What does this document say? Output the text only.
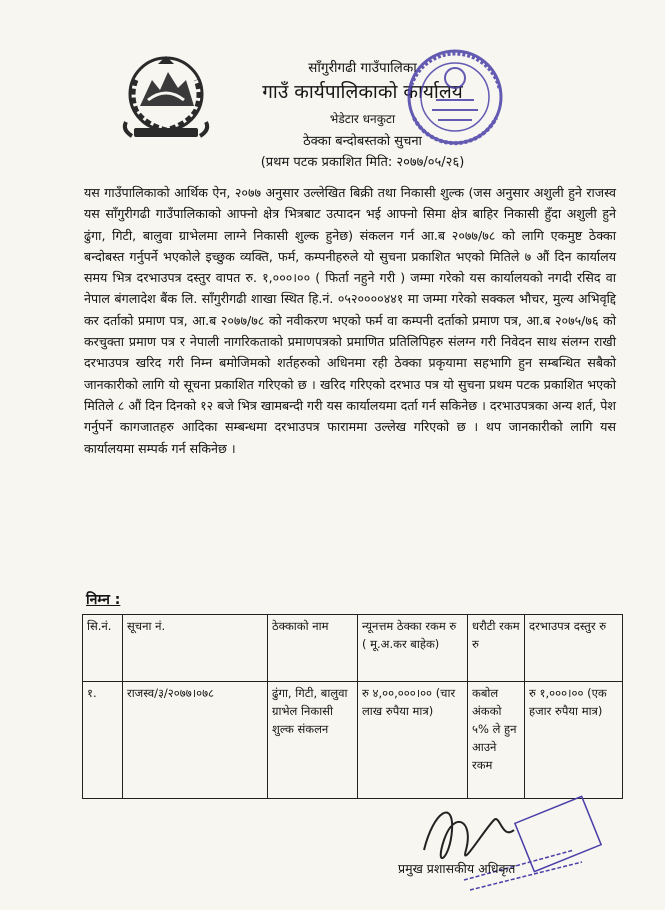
साँगुरीगढी गाउँपालिका
गाउँ कार्यपालिकाको कार्यालय
भेडेटार धनकुटा
ठेक्का बन्दोबस्तको सुचना
(प्रथम पटक प्रकाशित मिति: २०७७/०५/२६)
यस गाउँपालिकाको आर्थिक ऐन, २०७७ अनुसार उल्लेखित बिक्री तथा निकासी शुल्क (जस अनुसार अशुली हुने राजस्व यस साँगुरीगढी गाउँपालिकाको आफ्नो क्षेत्र भित्रबाट उत्पादन भई आफ्नो सिमा क्षेत्र बाहिर निकासी हुँदा अशुली हुने ढुंगा, गिटी, बालुवा ग्राभेलमा लाग्ने निकासी शुल्क हुनेछ) संकलन गर्न आ.ब २०७७/७८ को लागि एकमुष्ट ठेक्का बन्दोबस्त गर्नुपर्ने भएकोले इच्छुक व्यक्ति, फर्म, कम्पनीहरुले यो सुचना प्रकाशित भएको मितिले ७ औं दिन कार्यालय समय भित्र दरभाउपत्र दस्तुर वापत रु. १,०००।०० ( फिर्ता नहुने गरी ) जम्मा गरेको यस कार्यालयको नगदी रसिद वा नेपाल बंगलादेश बैंक लि. साँगुरीगढी शाखा स्थित हि.नं. ०५२००००४४१ मा जम्मा गरेको सक्कल भौचर, मुल्य अभिवृद्दि कर दर्ताको प्रमाण पत्र, आ.ब २०७७/७८ को नवीकरण भएको फर्म वा कम्पनी दर्ताको प्रमाण पत्र, आ.ब २०७५/७६ को करचुक्ता प्रमाण पत्र र नेपाली नागरिकताको प्रमाणपत्रको प्रमाणित प्रतिलिपिहरु संलग्न गरी निवेदन साथ संलग्न राखी दरभाउपत्र खरिद गरी निम्न बमोजिमको शर्तहरुको अधिनमा रही ठेक्का प्रकृयामा सहभागि हुन सम्बन्धित सबैको जानकारीको लागि यो सूचना प्रकाशित गरिएको छ । खरिद गरिएको दरभाउ पत्र यो सुचना प्रथम पटक प्रकाशित भएको मितिले ८ औं दिन दिनको १२ बजे भित्र खामबन्दी गरी यस कार्यालयमा दर्ता गर्न सकिनेछ । दरभाउपत्रका अन्य शर्त, पेश गर्नुपर्ने कागजातहरु आदिका सम्बन्धमा दरभाउपत्र फाराममा उल्लेख गरिएको छ । थप जानकारीको लागि यस कार्यालयमा सम्पर्क गर्न सकिनेछ ।
निम्न :
सि.नं.	सूचना नं.	ठेक्काको नाम	न्यूनत्तम ठेक्का रकम रु ( मू.अ.कर बाहेक)	धरौटी रकम रु	दरभाउपत्र दस्तुर रु
१.	राजस्व/३/२०७७।०७८	ढुंगा, गिटी, बालुवा ग्राभेल निकासी शुल्क संकलन	रु ४,००,०००।०० (चार लाख रुपैया मात्र)	कबोल अंकको ५% ले हुन आउने रकम	रु १,०००।०० (एक हजार रुपैया मात्र)
प्रमुख प्रशासकीय अधिकृत
